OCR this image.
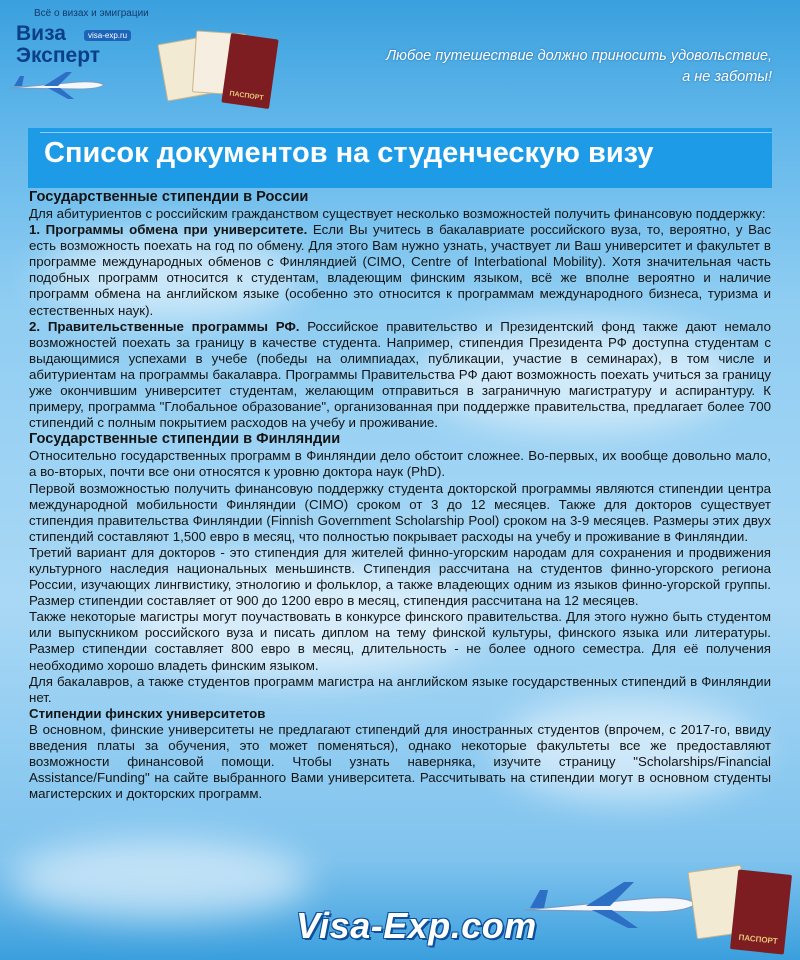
Всё о визах и эмиграции
Виза	visa-exp.ru
Эксперт
ПАСПОРТ
Любое путешествие должно приносить удовольствие,
а не заботы!
Список документов на студенческую визу

Государственные стипендии в России

Для абитуриентов с российским гражданством существует несколько возможностей получить финансовую поддержку:

1. Программы обмена при университете. Если Вы учитесь в бакалавриате российского вуза, то, вероятно, у Вас есть возможность поехать на год по обмену. Для этого Вам нужно узнать, участвует ли Ваш университет и факультет в программе международных обменов с Финляндией (CIMO, Centre of Interbational Mobility). Хотя значительная часть подобных программ относится к студентам, владеющим финским языком, всё же вполне вероятно и наличие программ обмена на английском языке (особенно это относится к программам международного бизнеса, туризма и естественных наук).

2. Правительственные программы РФ. Российское правительство и Президентский фонд также дают немало возможностей поехать за границу в качестве студента. Например, стипендия Президента РФ доступна студентам с выдающимися успехами в учебе (победы на олимпиадах, публикации, участие в семинарах), в том числе и абитуриентам на программы бакалавра. Программы Правительства РФ дают возможность поехать учиться за границу уже окончившим университет студентам, желающим отправиться в заграничную магистратуру и аспирантуру. К примеру, программа "Глобальное образование", организованная при поддержке правительства, предлагает более 700 стипендий с полным покрытием расходов на учебу и проживание.

Государственные стипендии в Финляндии

Относительно государственных программ в Финляндии дело обстоит сложнее. Во-первых, их вообще довольно мало, а во-вторых, почти все они относятся к уровню доктора наук (PhD).

Первой возможностью получить финансовую поддержку студента докторской программы являются стипендии центра международной мобильности Финляндии (CIMO) сроком от 3 до 12 месяцев. Также для докторов существует стипендия правительства Финляндии (Finnish Government Scholarship Pool) сроком на 3-9 месяцев. Размеры этих двух стипендий составляют 1,500 евро в месяц, что полностью покрывает расходы на учебу и проживание в Финляндии.

Третий вариант для докторов - это стипендия для жителей финно-угорским народам для сохранения и продвижения культурного наследия национальных меньшинств. Стипендия рассчитана на студентов финно-угорского региона России, изучающих лингвистику, этнологию и фольклор, а также владеющих одним из языков финно-угорской группы. Размер стипендии составляет от 900 до 1200 евро в месяц, стипендия рассчитана на 12 месяцев.

Также некоторые магистры могут поучаствовать в конкурсе финского правительства. Для этого нужно быть студентом или выпускником российского вуза и писать диплом на тему финской культуры, финского языка или литературы. Размер стипендии составляет 800 евро в месяц, длительность - не более одного семестра. Для её получения необходимо хорошо владеть финским языком.

Для бакалавров, а также студентов программ магистра на английском языке государственных стипендий в Финляндии нет.

Стипендии финских университетов

В основном, финские университеты не предлагают стипендий для иностранных студентов (впрочем, с 2017-го, ввиду введения платы за обучения, это может поменяться), однако некоторые факультеты все же предоставляют возможности финансовой помощи. Чтобы узнать наверняка, изучите страницу "Scholarships/Financial Assistance/Funding" на сайте выбранного Вами университета. Рассчитывать на стипендии могут в основном студенты магистерских и докторских программ.

ПАСПОРТ
Visa-Exp.com
